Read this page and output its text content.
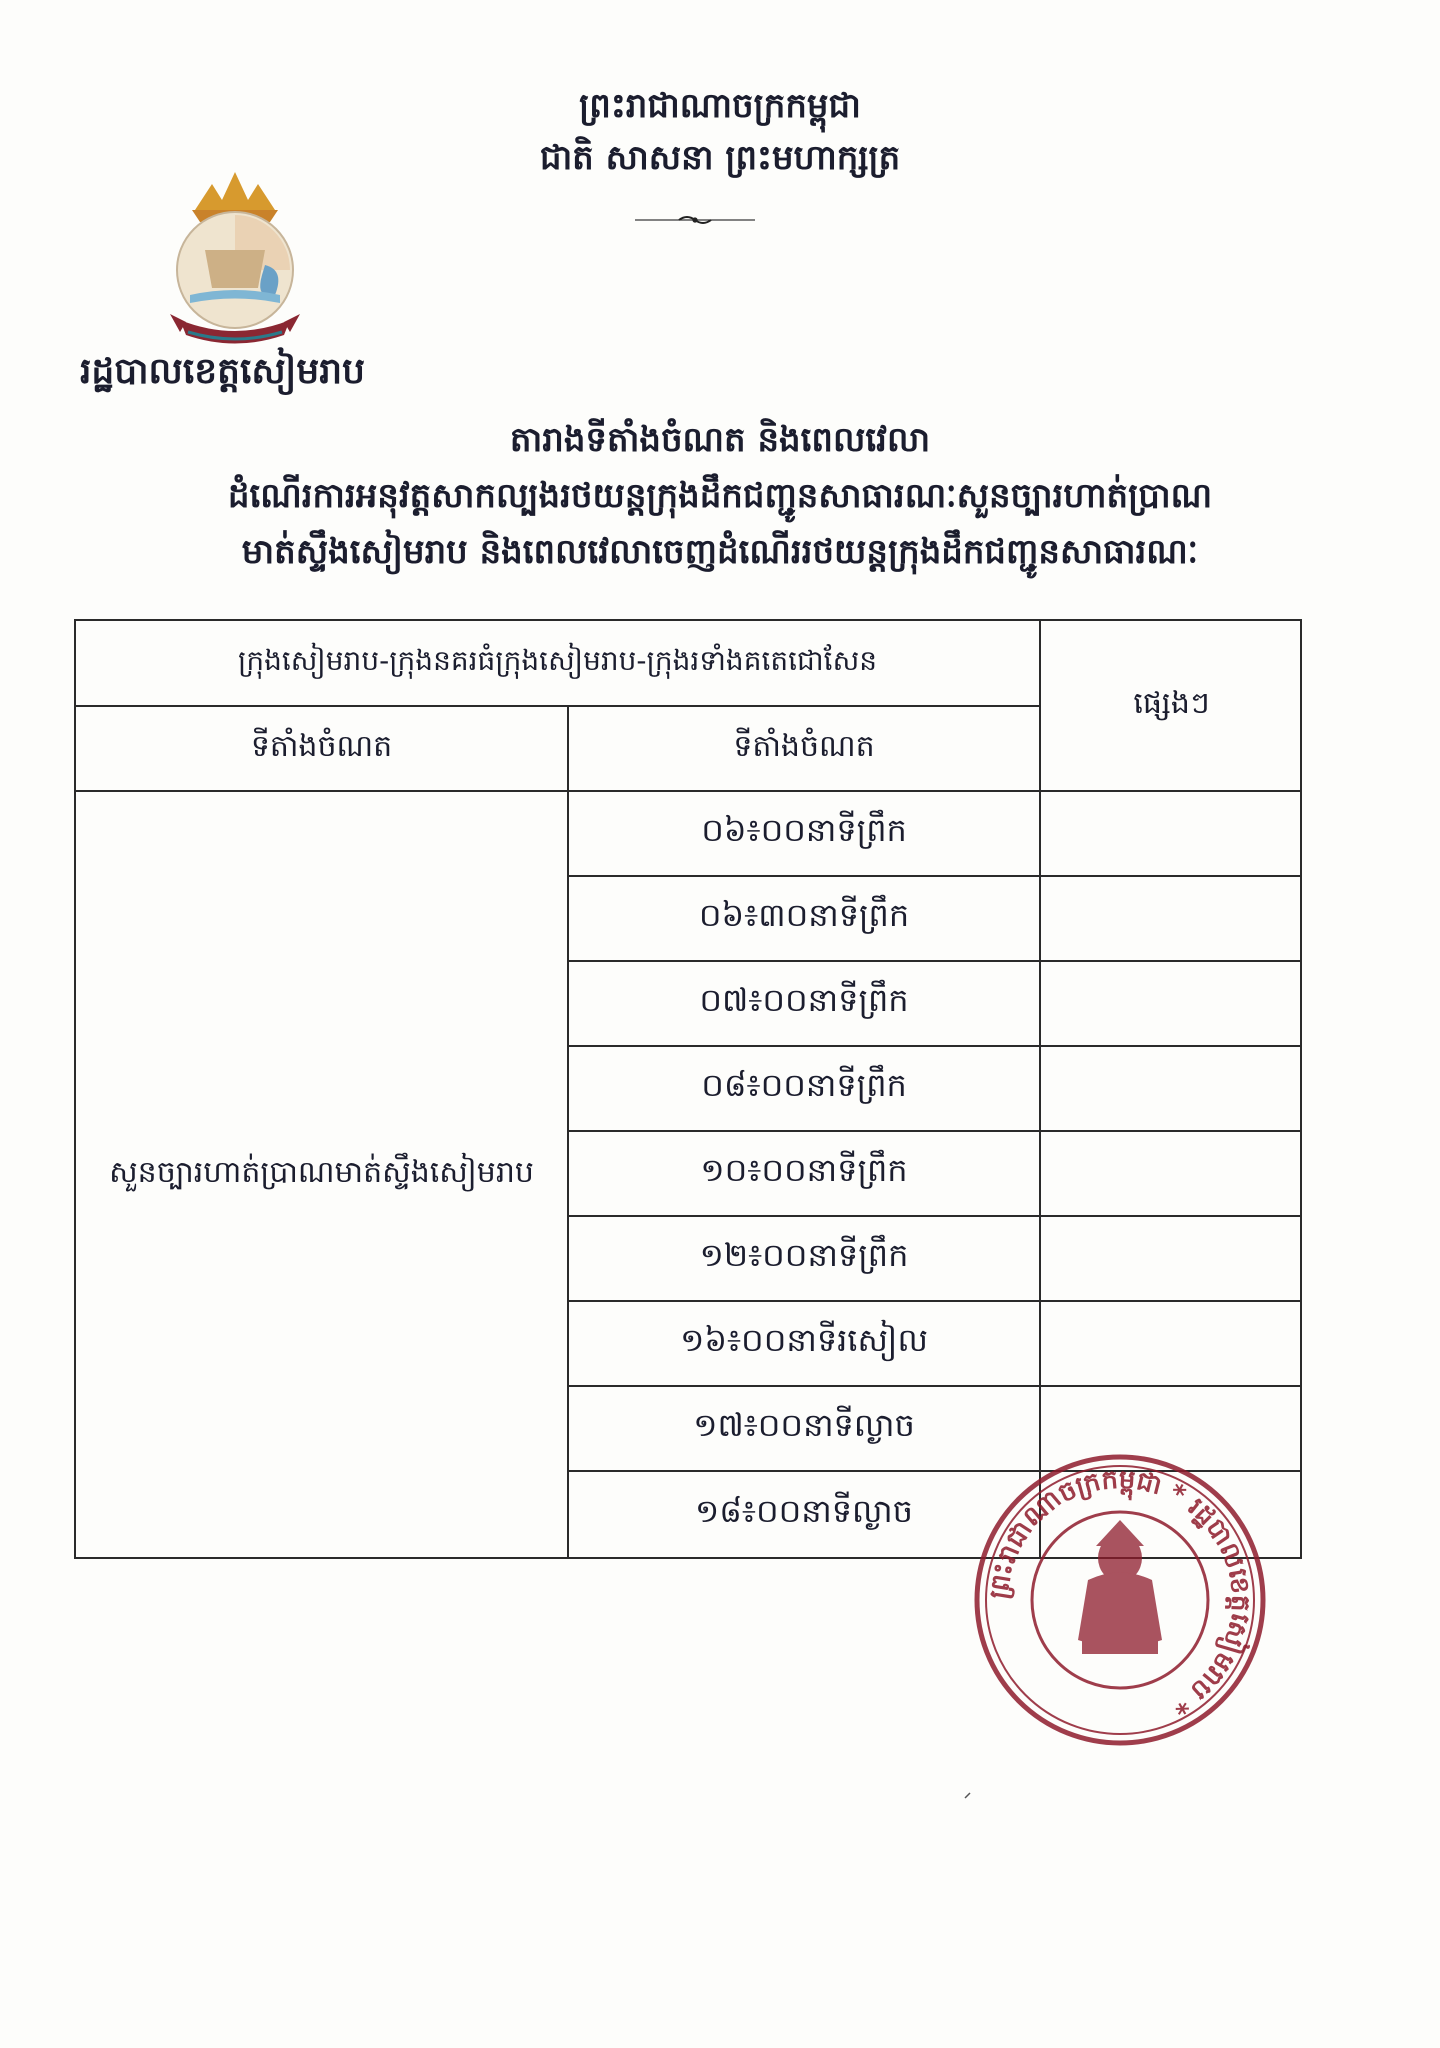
ព្រះរាជាណាចក្រកម្ពុជា
ជាតិ សាសនា ព្រះមហាក្សត្រ
រដ្ឋបាលខេត្តសៀមរាប
តារាងទីតាំងចំណត និងពេលវេលា
ដំណើរការអនុវត្តសាកល្បងរថយន្តក្រុងដឹកជញ្ជូនសាធារណៈសួនច្បារហាត់ប្រាណ
មាត់ស្ទឹងសៀមរាប និងពេលវេលាចេញដំណើររថយន្តក្រុងដឹកជញ្ជូនសាធារណៈ
ក្រុងសៀមរាប-ក្រុងនគរធំក្រុងសៀមរាប-ក្រុងរទាំងគតេជោសែន
ផ្សេងៗ
ទីតាំងចំណត	ទីតាំងចំណត
សួនច្បារហាត់ប្រាណមាត់ស្ទឹងសៀមរាប
០៦៖០០នាទីព្រឹក
០៦៖៣០នាទីព្រឹក
០៧៖០០នាទីព្រឹក
០៨៖០០នាទីព្រឹក
១០៖០០នាទីព្រឹក
១២៖០០នាទីព្រឹក
១៦៖០០នាទីរសៀល
១៧៖០០នាទីល្ងាច
១៨៖០០នាទីល្ងាច
ព្រះរាជាណាចក្រកម្ពុជា * រដ្ឋបាលខេត្តសៀមរាប *
